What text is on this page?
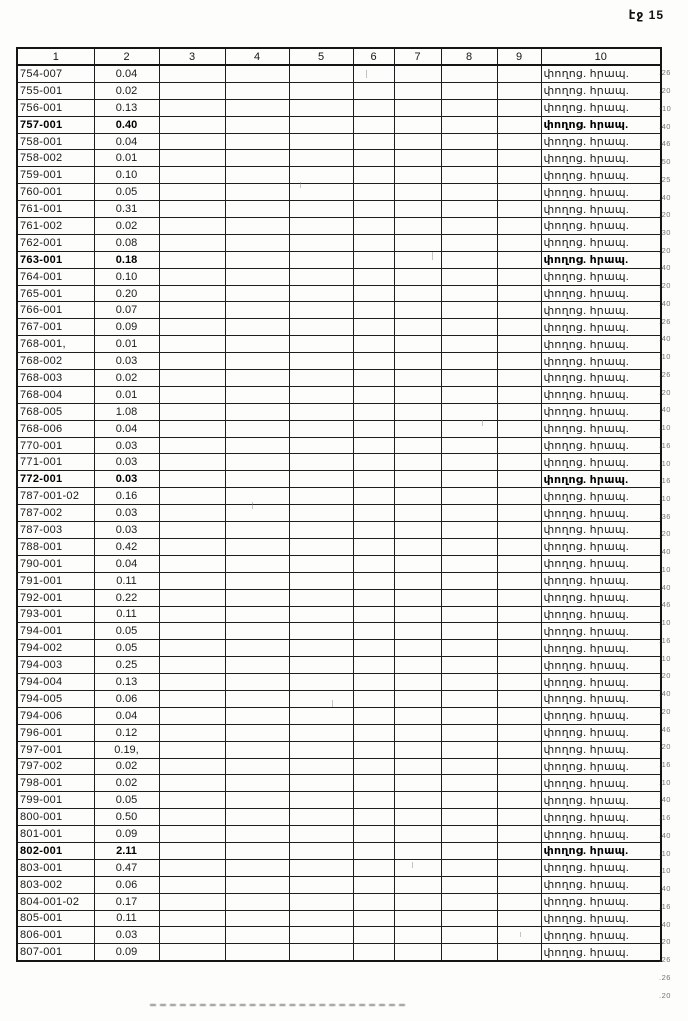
էջ 15
1	2	3	4	5	6	7	8	9	10
754-007	0.04								փողոց. հրապ.
755-001	0.02								փողոց. հրապ.
756-001	0.13								փողոց. հրապ.
757-001	0.40								փողոց. հրապ.
758-001	0.04								փողոց. հրապ.
758-002	0.01								փողոց. հրապ.
759-001	0.10								փողոց. հրապ.
760-001	0.05								փողոց. հրապ.
761-001	0.31								փողոց. հրապ.
761-002	0.02								փողոց. հրապ.
762-001	0.08								փողոց. հրապ.
763-001	0.18								փողոց. հրապ.
764-001	0.10								փողոց. հրապ.
765-001	0.20								փողոց. հրապ.
766-001	0.07								փողոց. հրապ.
767-001	0.09								փողոց. հրապ.
768-001,	0.01								փողոց. հրապ.
768-002	0.03								փողոց. հրապ.
768-003	0.02								փողոց. հրապ.
768-004	0.01								փողոց. հրապ.
768-005	1.08								փողոց. հրապ.
768-006	0.04								փողոց. հրապ.
770-001	0.03								փողոց. հրապ.
771-001	0.03								փողոց. հրապ.
772-001	0.03								փողոց. հրապ.
787-001-02	0.16								փողոց. հրապ.
787-002	0.03								փողոց. հրապ.
787-003	0.03								փողոց. հրապ.
788-001	0.42								փողոց. հրապ.
790-001	0.04								փողոց. հրապ.
791-001	0.11								փողոց. հրապ.
792-001	0.22								փողոց. հրապ.
793-001	0.11								փողոց. հրապ.
794-001	0.05								փողոց. հրապ.
794-002	0.05								փողոց. հրապ.
794-003	0.25								փողոց. հրապ.
794-004	0.13								փողոց. հրապ.
794-005	0.06								փողոց. հրապ.
794-006	0.04								փողոց. հրապ.
796-001	0.12								փողոց. հրապ.
797-001	0.19,								փողոց. հրապ.
797-002	0.02								փողոց. հրապ.
798-001	0.02								փողոց. հրապ.
799-001	0.05								փողոց. հրապ.
800-001	0.50								փողոց. հրապ.
801-001	0.09								փողոց. հրապ.
802-001	2.11								փողոց. հրապ.
803-001	0.47								փողոց. հրապ.
803-002	0.06								փողոց. հրապ.
804-001-02	0.17								փողոց. հրապ.
805-001	0.11								փողոց. հրապ.
806-001	0.03								փողոց. հրապ.
807-001	0.09								փողոց. հրապ.
.26
.20
-10
.40
.46
.50
.25
.40
.20
.30
.20
.40
.20
.40
.26
.40
.10
.26
.20
.40
.10
.16
.10
.16
.10
.36
.20
.40
.10
.40
.46
.10
.16
.10
.20
.40
.20
.46
.20
.16
.10
.40
.16
.40
.10
.10
.40
.16
.40
.20
.26
.26
.20
